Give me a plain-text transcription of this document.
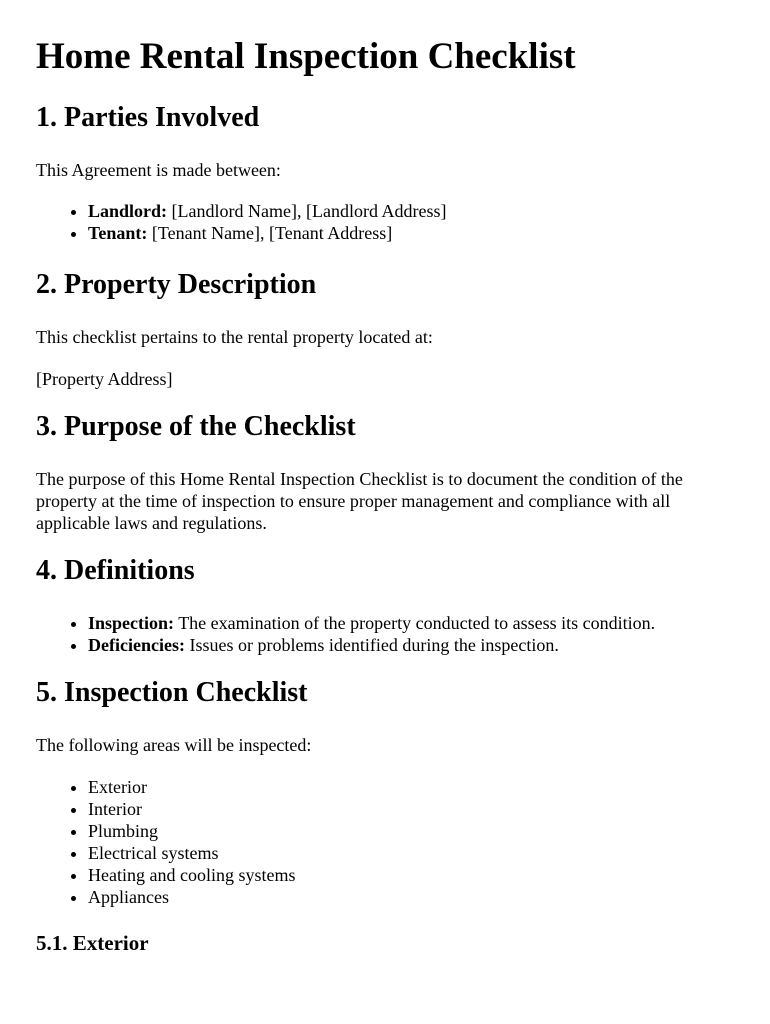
Home Rental Inspection Checklist
1. Parties Involved

This Agreement is made between:

• Landlord: [Landlord Name], [Landlord Address]
• Tenant: [Tenant Name], [Tenant Address]
2. Property Description

This checklist pertains to the rental property located at:

[Property Address]

3. Purpose of the Checklist

The purpose of this Home Rental Inspection Checklist is to document the condition of the property at the time of inspection to ensure proper management and compliance with all applicable laws and regulations.

4. Definitions
• Inspection: The examination of the property conducted to assess its condition.
• Deficiencies: Issues or problems identified during the inspection.
5. Inspection Checklist

The following areas will be inspected:

• Exterior
• Interior
• Plumbing
• Electrical systems
• Heating and cooling systems
• Appliances
5.1. Exterior
